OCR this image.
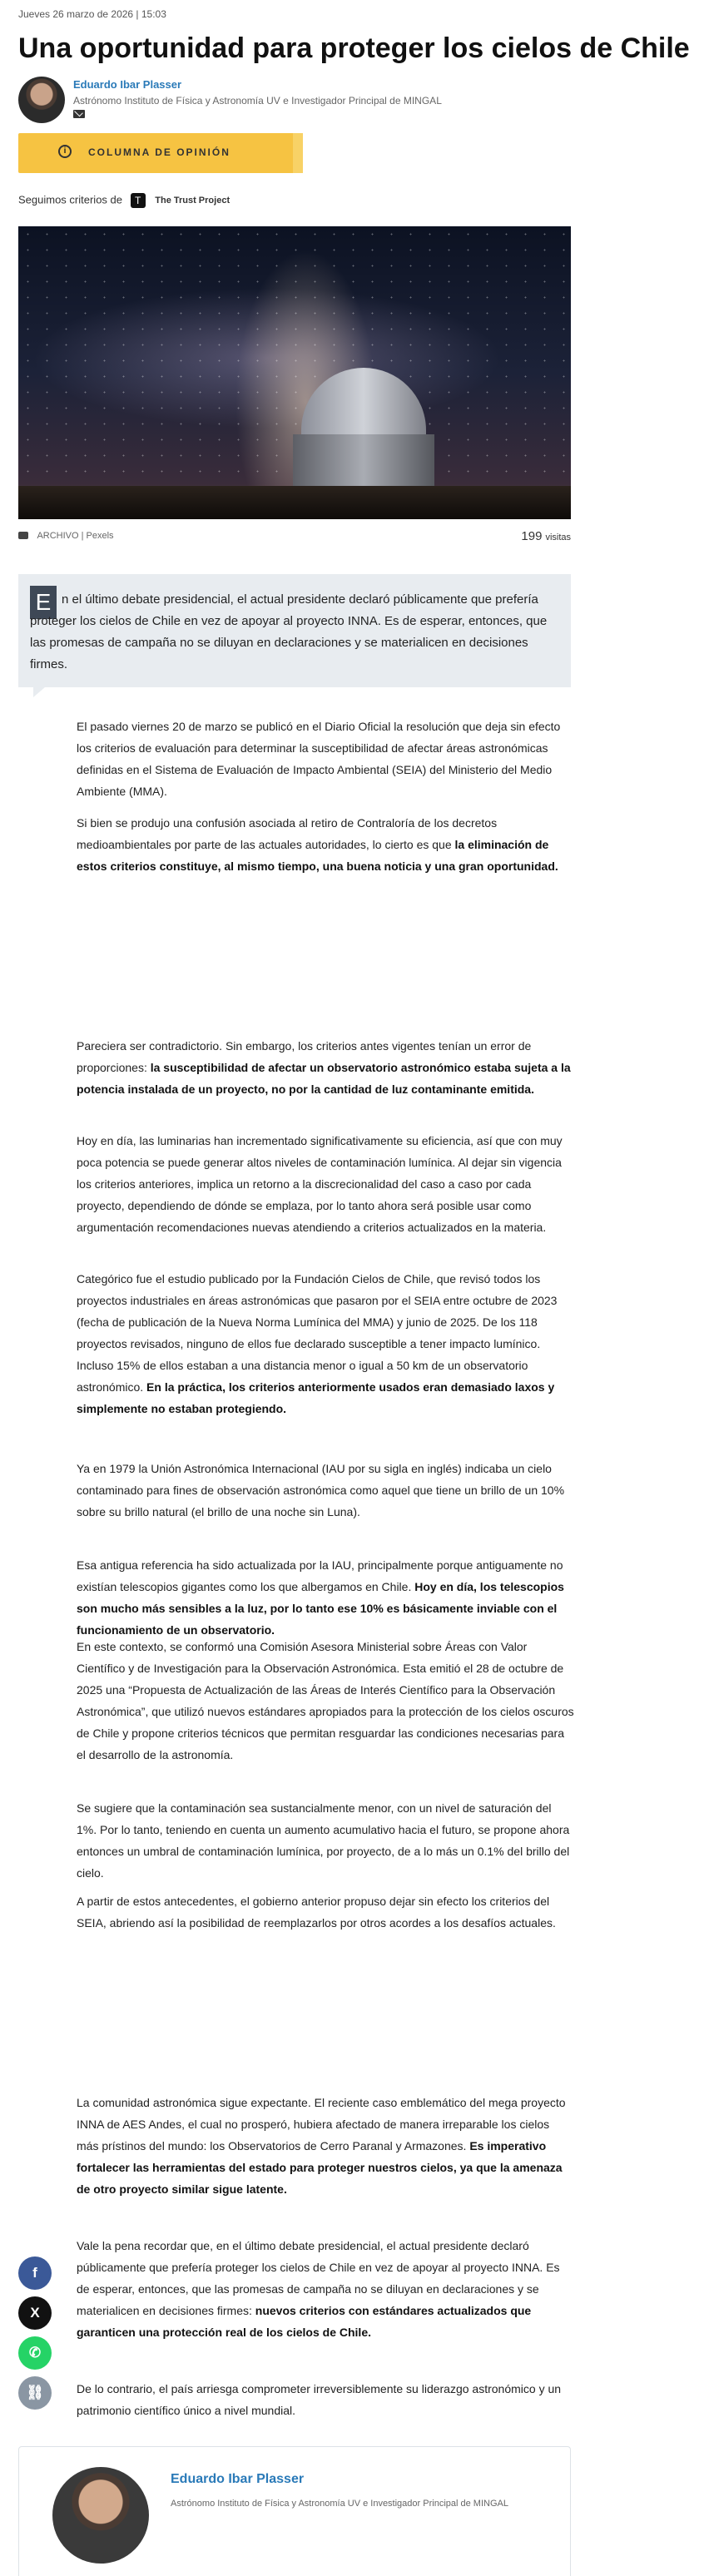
Jueves 26 marzo de 2026 | 15:03
Una oportunidad para proteger los cielos de Chile
Eduardo Ibar Plasser
Astrónomo Instituto de Física y Astronomía UV e Investigador Principal de MINGAL
i	COLUMNA DE OPINIÓN
Seguimos criterios de T The Trust Project
ARCHIVO | Pexels	199 visitas
E n el último debate presidencial, el actual presidente declaró públicamente que prefería proteger los cielos de Chile en vez de apoyar al proyecto INNA. Es de esperar, entonces, que las promesas de campaña no se diluyan en declaraciones y se materialicen en decisiones firmes.

El pasado viernes 20 de marzo se publicó en el Diario Oficial la resolución que deja sin efecto los criterios de evaluación para determinar la susceptibilidad de afectar áreas astronómicas definidas en el Sistema de Evaluación de Impacto Ambiental (SEIA) del Ministerio del Medio Ambiente (MMA).

Si bien se produjo una confusión asociada al retiro de Contraloría de los decretos medioambientales por parte de las actuales autoridades, lo cierto es que la eliminación de estos criterios constituye, al mismo tiempo, una buena noticia y una gran oportunidad.

Pareciera ser contradictorio. Sin embargo, los criterios antes vigentes tenían un error de proporciones: la susceptibilidad de afectar un observatorio astronómico estaba sujeta a la potencia instalada de un proyecto, no por la cantidad de luz contaminante emitida.

Hoy en día, las luminarias han incrementado significativamente su eficiencia, así que con muy poca potencia se puede generar altos niveles de contaminación lumínica. Al dejar sin vigencia los criterios anteriores, implica un retorno a la discrecionalidad del caso a caso por cada proyecto, dependiendo de dónde se emplaza, por lo tanto ahora será posible usar como argumentación recomendaciones nuevas atendiendo a criterios actualizados en la materia.

Categórico fue el estudio publicado por la Fundación Cielos de Chile, que revisó todos los proyectos industriales en áreas astronómicas que pasaron por el SEIA entre octubre de 2023 (fecha de publicación de la Nueva Norma Lumínica del MMA) y junio de 2025. De los 118 proyectos revisados, ninguno de ellos fue declarado susceptible a tener impacto lumínico. Incluso 15% de ellos estaban a una distancia menor o igual a 50 km de un observatorio astronómico. En la práctica, los criterios anteriormente usados eran demasiado laxos y simplemente no estaban protegiendo.

Ya en 1979 la Unión Astronómica Internacional (IAU por su sigla en inglés) indicaba un cielo contaminado para fines de observación astronómica como aquel que tiene un brillo de un 10% sobre su brillo natural (el brillo de una noche sin Luna).

Esa antigua referencia ha sido actualizada por la IAU, principalmente porque antiguamente no existían telescopios gigantes como los que albergamos en Chile. Hoy en día, los telescopios son mucho más sensibles a la luz, por lo tanto ese 10% es básicamente inviable con el funcionamiento de un observatorio.

En este contexto, se conformó una Comisión Asesora Ministerial sobre Áreas con Valor Científico y de Investigación para la Observación Astronómica. Esta emitió el 28 de octubre de 2025 una “Propuesta de Actualización de las Áreas de Interés Científico para la Observación Astronómica”, que utilizó nuevos estándares apropiados para la protección de los cielos oscuros de Chile y propone criterios técnicos que permitan resguardar las condiciones necesarias para el desarrollo de la astronomía.

Se sugiere que la contaminación sea sustancialmente menor, con un nivel de saturación del 1%. Por lo tanto, teniendo en cuenta un aumento acumulativo hacia el futuro, se propone ahora entonces un umbral de contaminación lumínica, por proyecto, de a lo más un 0.1% del brillo del cielo.

A partir de estos antecedentes, el gobierno anterior propuso dejar sin efecto los criterios del SEIA, abriendo así la posibilidad de reemplazarlos por otros acordes a los desafíos actuales.

La comunidad astronómica sigue expectante. El reciente caso emblemático del mega proyecto INNA de AES Andes, el cual no prosperó, hubiera afectado de manera irreparable los cielos más prístinos del mundo: los Observatorios de Cerro Paranal y Armazones. Es imperativo fortalecer las herramientas del estado para proteger nuestros cielos, ya que la amenaza de otro proyecto similar sigue latente.

Vale la pena recordar que, en el último debate presidencial, el actual presidente declaró públicamente que prefería proteger los cielos de Chile en vez de apoyar al proyecto INNA. Es de esperar, entonces, que las promesas de campaña no se diluyan en declaraciones y se materialicen en decisiones firmes: nuevos criterios con estándares actualizados que garanticen una protección real de los cielos de Chile.

De lo contrario, el país arriesga comprometer irreversiblemente su liderazgo astronómico y un patrimonio científico único a nivel mundial.

f
X
✆
⛓
Eduardo Ibar Plasser
Astrónomo Instituto de Física y Astronomía UV e Investigador Principal de MINGAL
